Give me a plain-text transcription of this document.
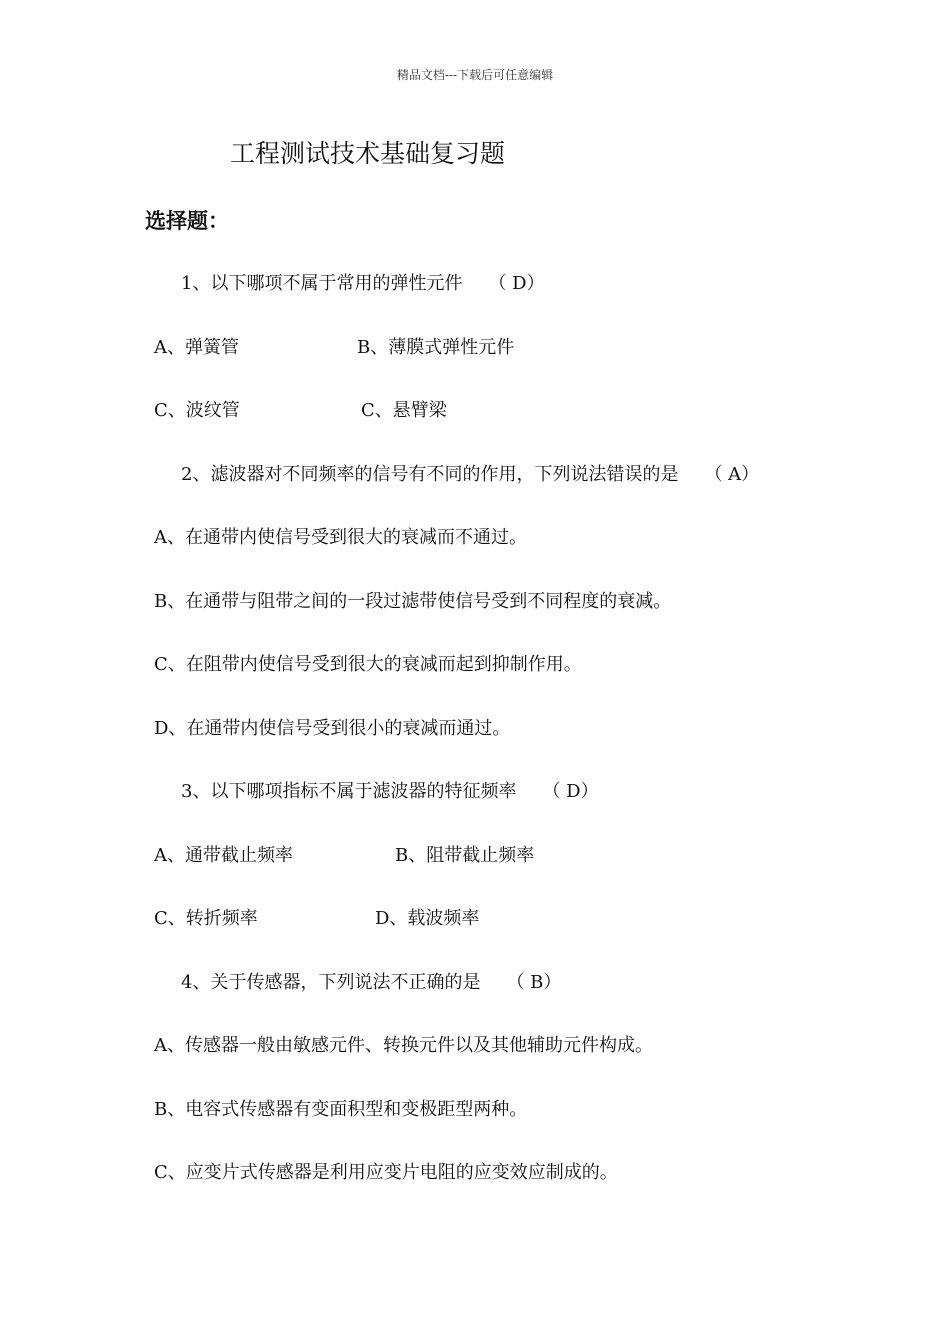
精品文档---下载后可任意编辑
工程测试技术基础复习题
选择题：
1、以下哪项不属于常用的弹性元件 （ D）
A、弹簧管	B、薄膜式弹性元件
C、波纹管	C、悬臂梁
2、滤波器对不同频率的信号有不同的作用，下列说法错误的是 （ A）
A、在通带内使信号受到很大的衰减而不通过。
B、在通带与阻带之间的一段过滤带使信号受到不同程度的衰减。
C、在阻带内使信号受到很大的衰减而起到抑制作用。
D、在通带内使信号受到很小的衰减而通过。
3、以下哪项指标不属于滤波器的特征频率 （ D）
A、通带截止频率	B、阻带截止频率
C、转折频率	D、载波频率
4、关于传感器，下列说法不正确的是 （ B）
A、传感器一般由敏感元件、转换元件以及其他辅助元件构成。
B、电容式传感器有变面积型和变极距型两种。
C、应变片式传感器是利用应变片电阻的应变效应制成的。
